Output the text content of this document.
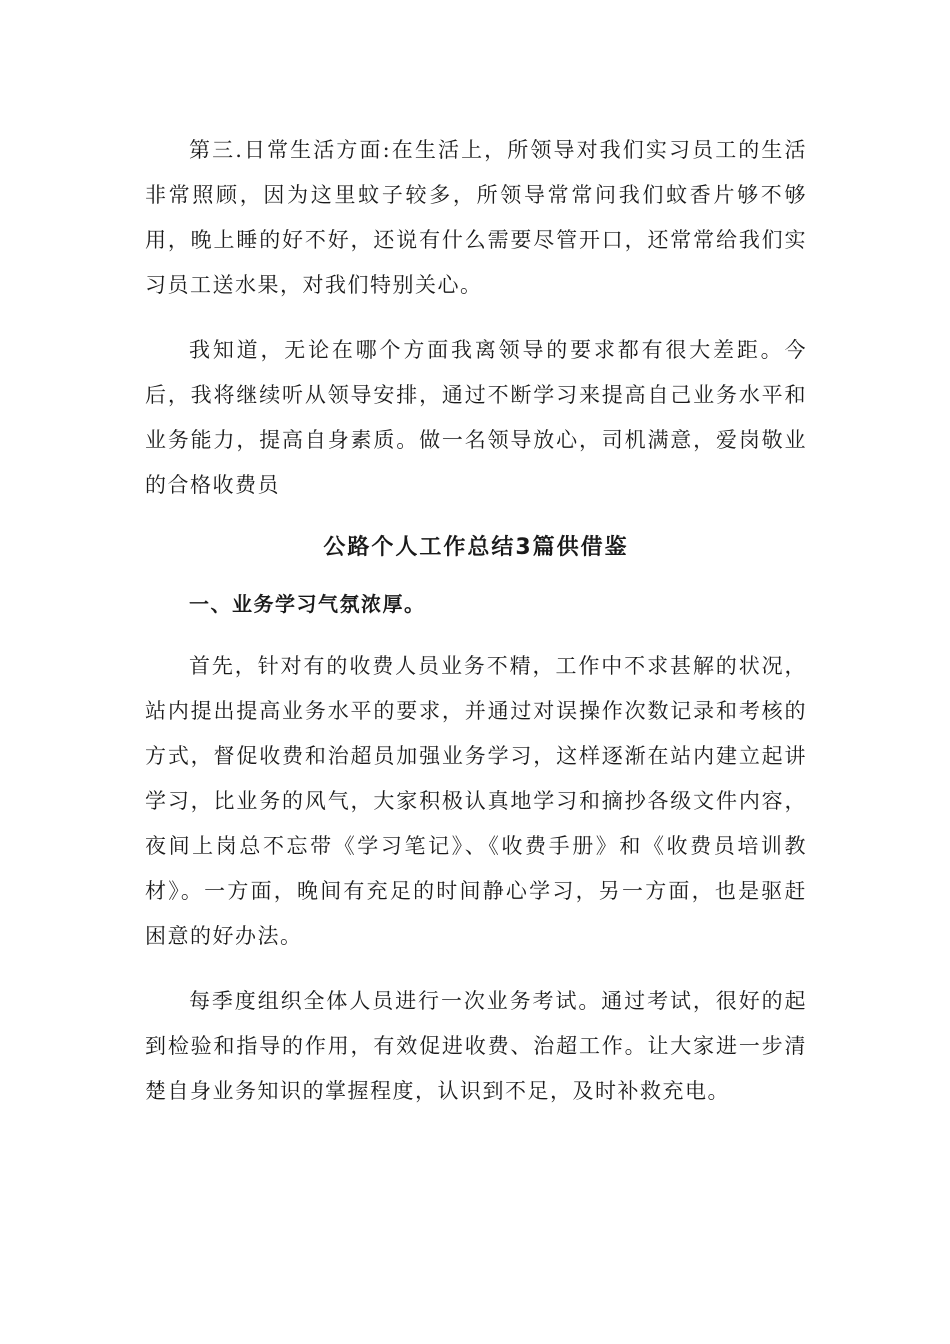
第三.日常生活方面:在生活上，所领导对我们实习员工的生活非常照顾，因为这里蚊子较多，所领导常常问我们蚊香片够不够用，晚上睡的好不好，还说有什么需要尽管开口，还常常给我们实习员工送水果，对我们特别关心。

我知道，无论在哪个方面我离领导的要求都有很大差距。今后，我将继续听从领导安排，通过不断学习来提高自己业务水平和业务能力，提高自身素质。做一名领导放心，司机满意，爱岗敬业的合格收费员

公路个人工作总结3篇供借鉴
一、业务学习气氛浓厚。

首先，针对有的收费人员业务不精，工作中不求甚解的状况，站内提出提高业务水平的要求，并通过对误操作次数记录和考核的方式，督促收费和治超员加强业务学习，这样逐渐在站内建立起讲学习，比业务的风气，大家积极认真地学习和摘抄各级文件内容，夜间上岗总不忘带《学习笔记》、《收费手册》和《收费员培训教材》。一方面，晚间有充足的时间静心学习，另一方面，也是驱赶困意的好办法。

每季度组织全体人员进行一次业务考试。通过考试，很好的起到检验和指导的作用，有效促进收费、治超工作。让大家进一步清楚自身业务知识的掌握程度，认识到不足，及时补救充电。
